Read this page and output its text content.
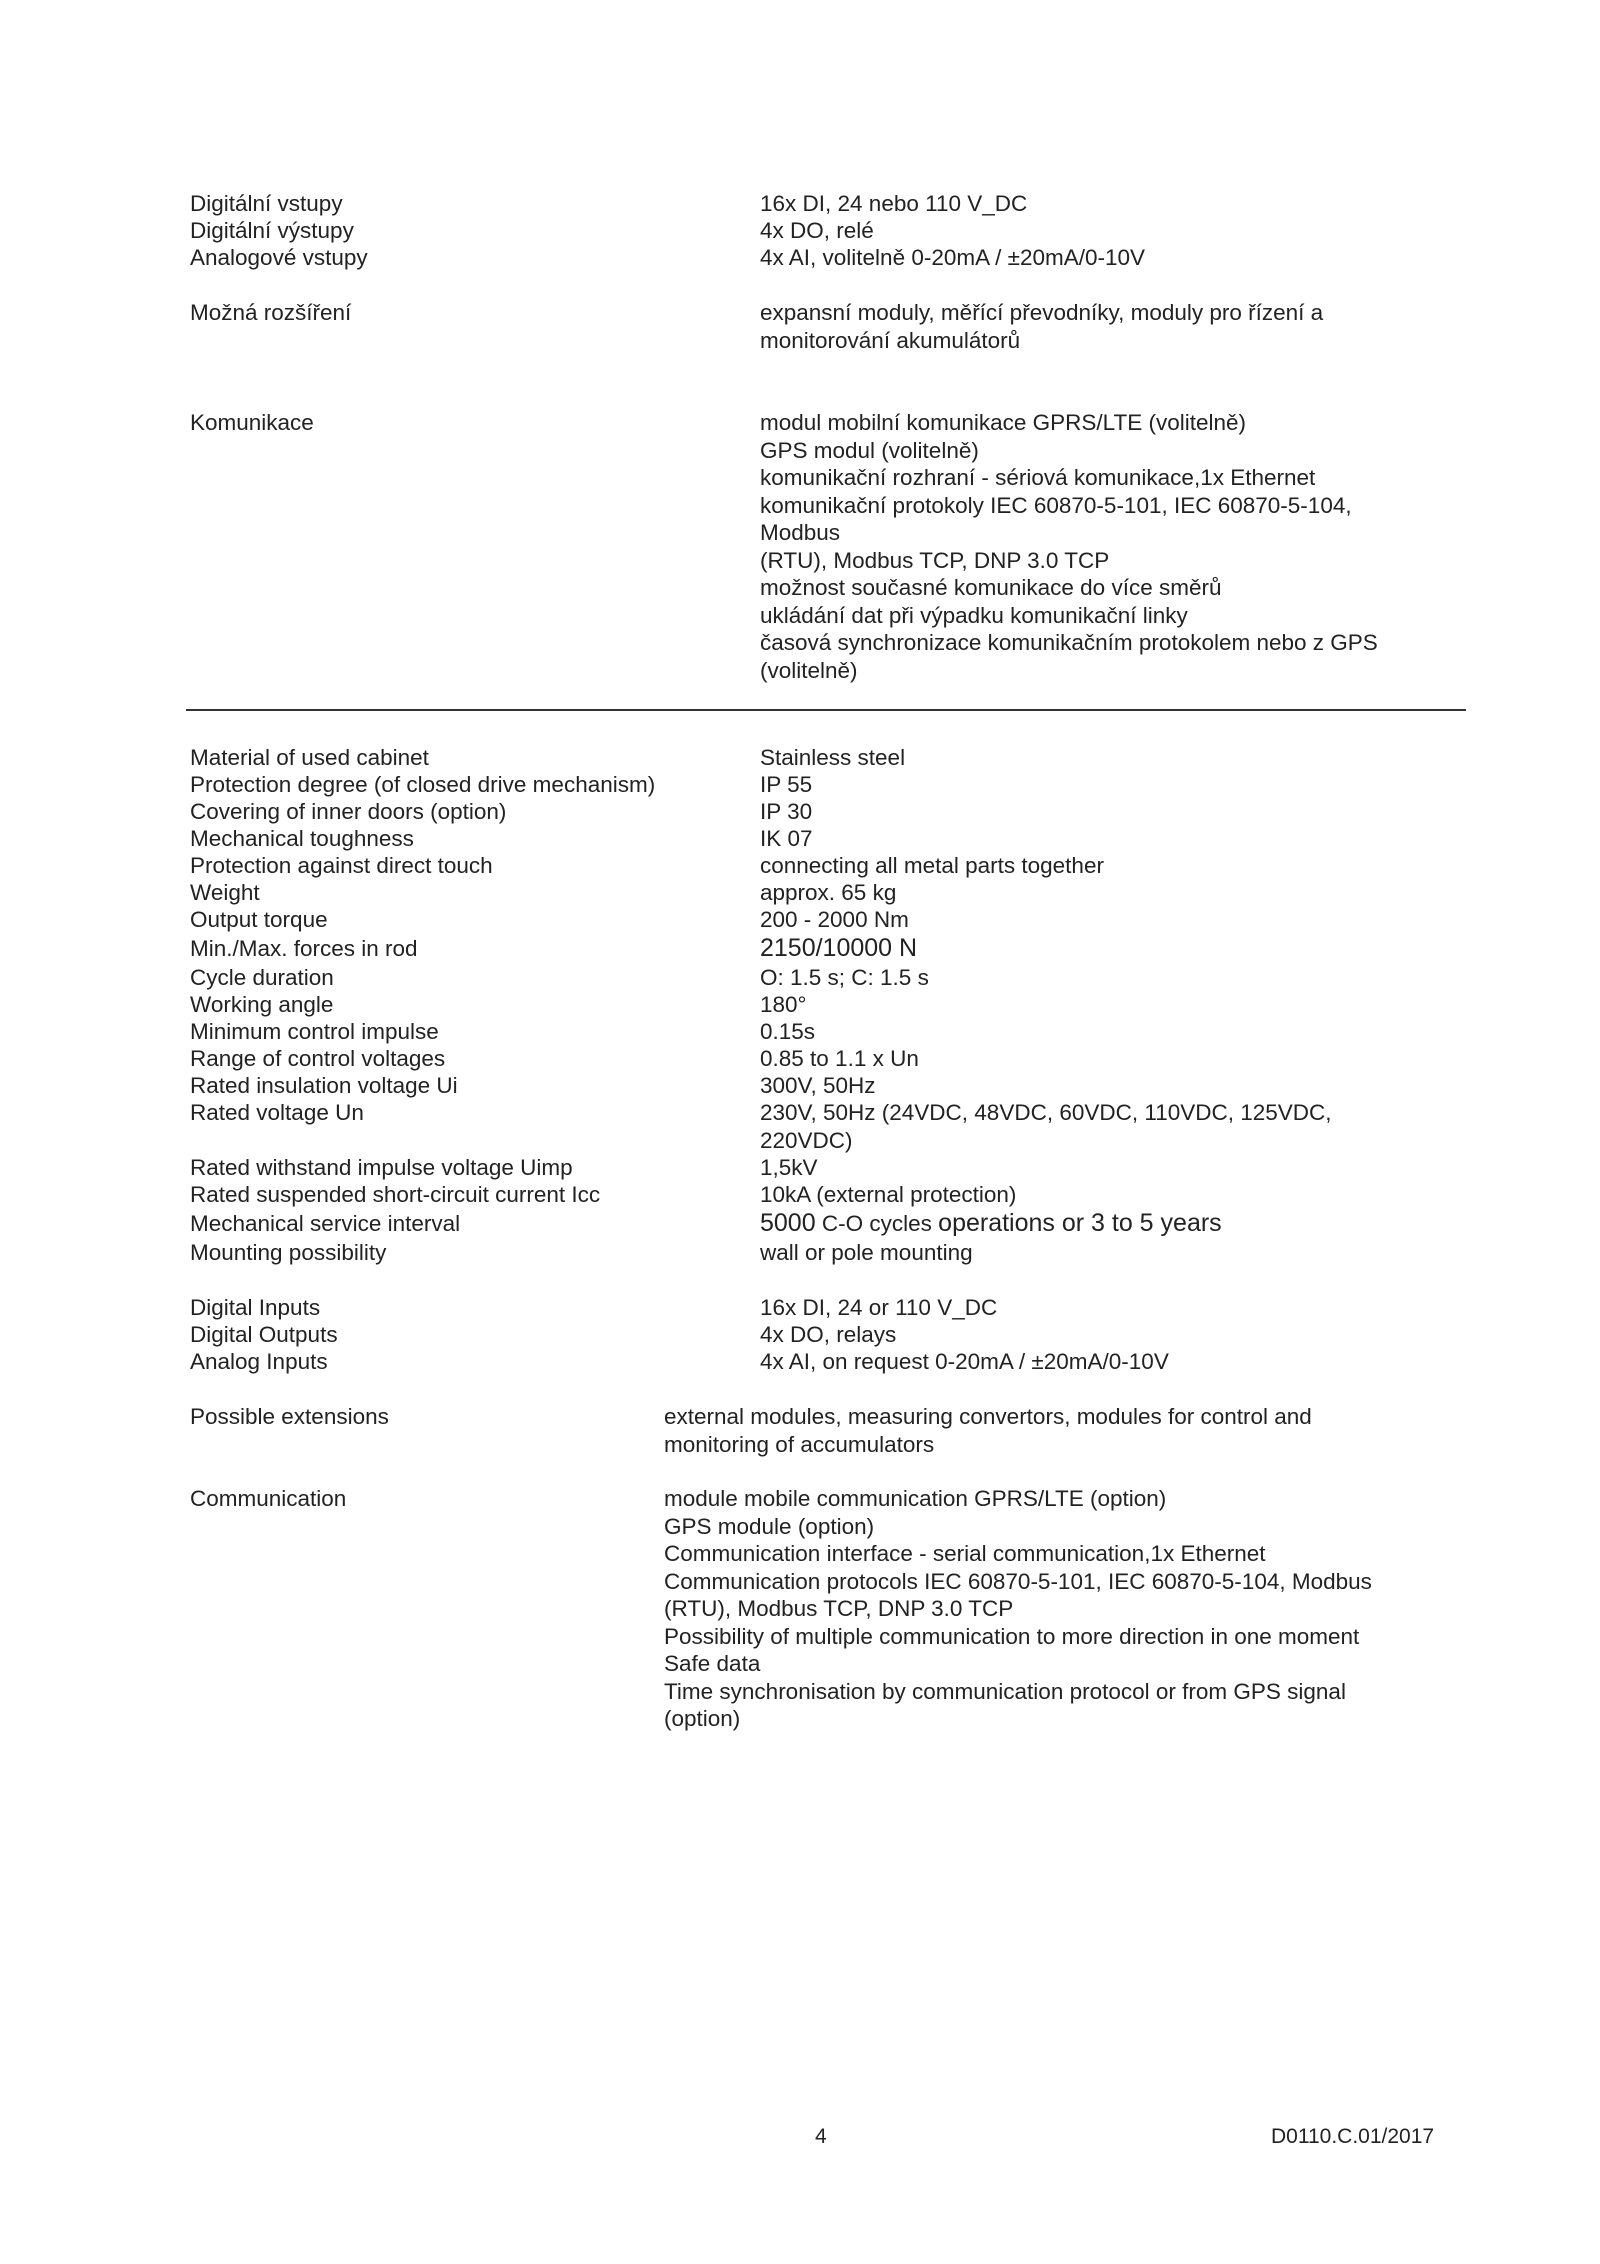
Digitální vstupy	16x DI, 24 nebo 110 V_DC
Digitální výstupy	4x DO, relé
Analogové vstupy	4x AI, volitelně 0-20mA / ±20mA/0-10V
Možná rozšíření	expansní moduly, měřící převodníky, moduly pro řízení a
monitorování akumulátorů
Komunikace	modul mobilní komunikace GPRS/LTE (volitelně)
GPS modul (volitelně)
komunikační rozhraní - sériová komunikace,1x Ethernet
komunikační protokoly IEC 60870-5-101, IEC 60870-5-104,
Modbus
(RTU), Modbus TCP, DNP 3.0 TCP
možnost současné komunikace do více směrů
ukládání dat při výpadku komunikační linky
časová synchronizace komunikačním protokolem nebo z GPS
(volitelně)
Material of used cabinet	Stainless steel
Protection degree (of closed drive mechanism)	IP 55
Covering of inner doors (option)	IP 30
Mechanical toughness	IK 07
Protection against direct touch	connecting all metal parts together
Weight	approx. 65 kg
Output torque	200 - 2000 Nm
Min./Max. forces in rod	2150/10000 N
Cycle duration	O: 1.5 s; C: 1.5 s
Working angle	180°
Minimum control impulse	0.15s
Range of control voltages	0.85 to 1.1 x Un
Rated insulation voltage Ui	300V, 50Hz
Rated voltage Un	230V, 50Hz (24VDC, 48VDC, 60VDC, 110VDC, 125VDC,
220VDC)
Rated withstand impulse voltage Uimp	1,5kV
Rated suspended short-circuit current Icc	10kA (external protection)
Mechanical service interval	5000 C-O cycles operations or 3 to 5 years
Mounting possibility	wall or pole mounting
Digital Inputs	16x DI, 24 or 110 V_DC
Digital Outputs	4x DO, relays
Analog Inputs	4x AI, on request 0-20mA / ±20mA/0-10V
Possible extensions	external modules, measuring convertors, modules for control and
monitoring of accumulators
Communication	module mobile communication GPRS/LTE (option)
GPS module (option)
Communication interface - serial communication,1x Ethernet
Communication protocols IEC 60870-5-101, IEC 60870-5-104, Modbus
(RTU), Modbus TCP, DNP 3.0 TCP
Possibility of multiple communication to more direction in one moment
Safe data
Time synchronisation by communication protocol or from GPS signal
(option)
4	D0110.C.01/2017
